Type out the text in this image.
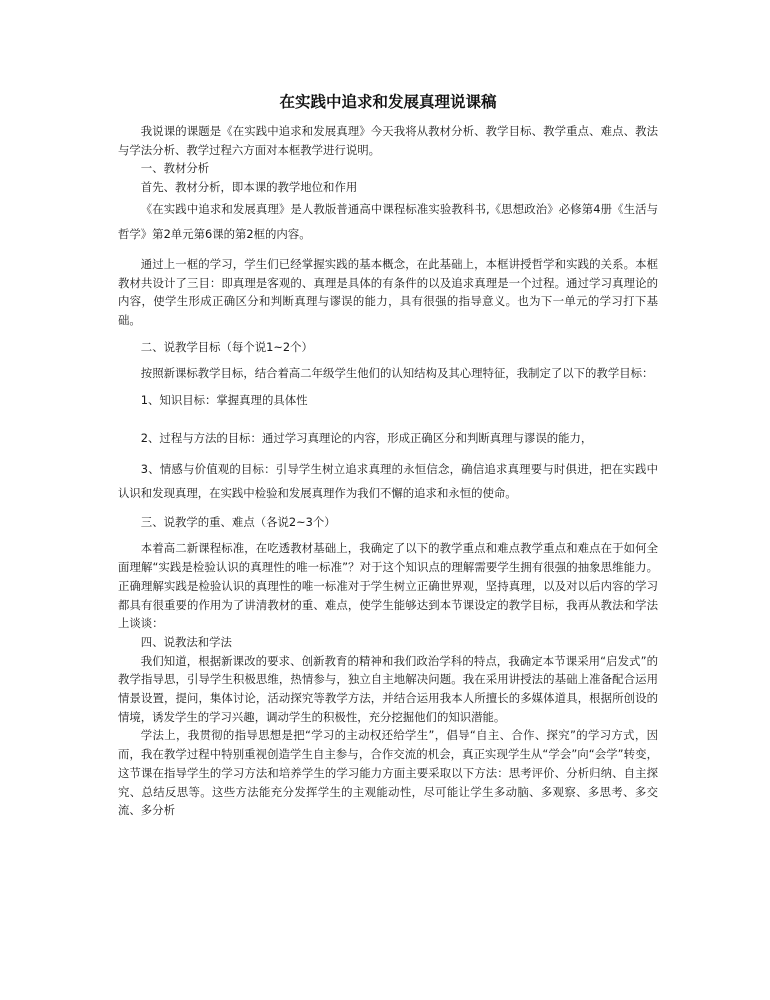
在实践中追求和发展真理说课稿

我说课的课题是《在实践中追求和发展真理》今天我将从教材分析、教学目标、教学重点、难点、教法与学法分析、教学过程六方面对本框教学进行说明。

一、教材分析

首先、教材分析，即本课的教学地位和作用

《在实践中追求和发展真理》是人教版普通高中课程标准实验教科书,《思想政治》必修第4册《生活与哲学》第2单元第6课的第2框的内容。

通过上一框的学习，学生们已经掌握实践的基本概念，在此基础上，本框讲授哲学和实践的关系。本框教材共设计了三目：即真理是客观的、真理是具体的有条件的以及追求真理是一个过程。通过学习真理论的内容，使学生形成正确区分和判断真理与谬误的能力，具有很强的指导意义。也为下一单元的学习打下基础。

二、说教学目标（每个说1~2个）

按照新课标教学目标，结合着高二年级学生他们的认知结构及其心理特征，我制定了以下的教学目标：

1、知识目标：掌握真理的具体性

2、过程与方法的目标：通过学习真理论的内容，形成正确区分和判断真理与谬误的能力，

3、情感与价值观的目标：引导学生树立追求真理的永恒信念，确信追求真理要与时俱进，把在实践中认识和发现真理，在实践中检验和发展真理作为我们不懈的追求和永恒的使命。

三、说教学的重、难点（各说2~3个）

本着高二新课程标准，在吃透教材基础上，我确定了以下的教学重点和难点教学重点和难点在于如何全面理解“实践是检验认识的真理性的唯一标准”？对于这个知识点的理解需要学生拥有很强的抽象思维能力。正确理解实践是检验认识的真理性的唯一标准对于学生树立正确世界观，坚持真理，以及对以后内容的学习都具有很重要的作用为了讲清教材的重、难点，使学生能够达到本节课设定的教学目标，我再从教法和学法上谈谈：

四、说教法和学法

我们知道，根据新课改的要求、创新教育的精神和我们政治学科的特点，我确定本节课采用“启发式”的教学指导思，引导学生积极思维，热情参与，独立自主地解决问题。我在采用讲授法的基础上准备配合运用情景设置，提问，集体讨论，活动探究等教学方法，并结合运用我本人所擅长的多媒体道具，根据所创设的情境，诱发学生的学习兴趣，调动学生的积极性，充分挖掘他们的知识潜能。

学法上，我贯彻的指导思想是把“学习的主动权还给学生”，倡导“自主、合作、探究”的学习方式，因而，我在教学过程中特别重视创造学生自主参与，合作交流的机会，真正实现学生从“学会”向“会学”转变，这节课在指导学生的学习方法和培养学生的学习能力方面主要采取以下方法：思考评价、分析归纳、自主探究、总结反思等。这些方法能充分发挥学生的主观能动性，尽可能让学生多动脑、多观察、多思考、多交流、多分析
